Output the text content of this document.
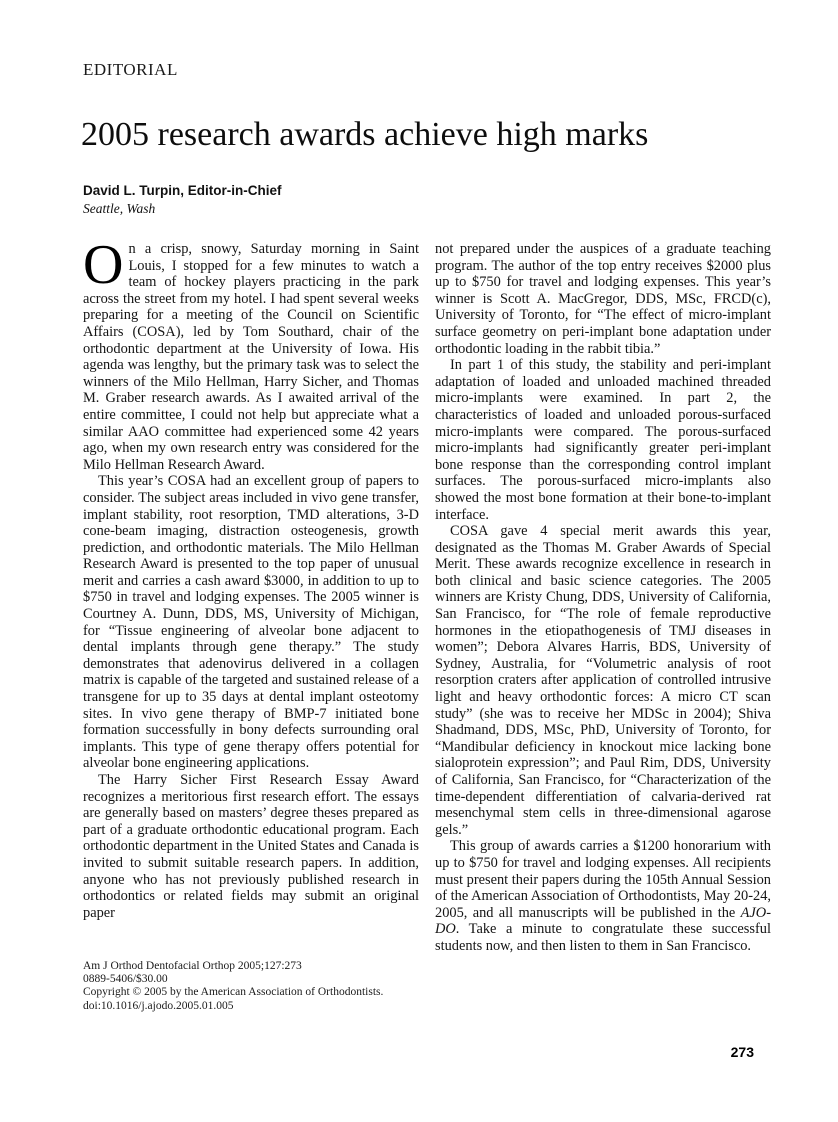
EDITORIAL
2005 research awards achieve high marks
David L. Turpin, Editor-in-Chief
Seattle, Wash

On a crisp, snowy, Saturday morning in Saint Louis, I stopped for a few minutes to watch a team of hockey players practicing in the park across the street from my hotel. I had spent several weeks preparing for a meeting of the Council on Scientific Affairs (COSA), led by Tom Southard, chair of the orthodontic department at the University of Iowa. His agenda was lengthy, but the primary task was to select the winners of the Milo Hellman, Harry Sicher, and Thomas M. Graber research awards. As I awaited arrival of the entire committee, I could not help but appreciate what a similar AAO committee had experienced some 42 years ago, when my own research entry was considered for the Milo Hellman Research Award.

This year’s COSA had an excellent group of papers to consider. The subject areas included in vivo gene transfer, implant stability, root resorption, TMD alterations, 3-D cone-beam imaging, distraction osteogenesis, growth prediction, and orthodontic materials. The Milo Hellman Research Award is presented to the top paper of unusual merit and carries a cash award $3000, in addition to up to $750 in travel and lodging expenses. The 2005 winner is Courtney A. Dunn, DDS, MS, University of Michigan, for “Tissue engineering of alveolar bone adjacent to dental implants through gene therapy.” The study demonstrates that adenovirus delivered in a collagen matrix is capable of the targeted and sustained release of a transgene for up to 35 days at dental implant osteotomy sites. In vivo gene therapy of BMP-7 initiated bone formation successfully in bony defects surrounding oral implants. This type of gene therapy offers potential for alveolar bone engineering applications.

The Harry Sicher First Research Essay Award recognizes a meritorious first research effort. The essays are generally based on masters’ degree theses prepared as part of a graduate orthodontic educational program. Each orthodontic department in the United States and Canada is invited to submit suitable research papers. In addition, anyone who has not previously published research in orthodontics or related fields may submit an original paper

not prepared under the auspices of a graduate teaching program. The author of the top entry receives $2000 plus up to $750 for travel and lodging expenses. This year’s winner is Scott A. MacGregor, DDS, MSc, FRCD(c), University of Toronto, for “The effect of micro-implant surface geometry on peri-implant bone adaptation under orthodontic loading in the rabbit tibia.”

In part 1 of this study, the stability and peri-implant adaptation of loaded and unloaded machined threaded micro-implants were examined. In part 2, the characteristics of loaded and unloaded porous-surfaced micro-implants were compared. The porous-surfaced micro-implants had significantly greater peri-implant bone response than the corresponding control implant surfaces. The porous-surfaced micro-implants also showed the most bone formation at their bone-to-implant interface.

COSA gave 4 special merit awards this year, designated as the Thomas M. Graber Awards of Special Merit. These awards recognize excellence in research in both clinical and basic science categories. The 2005 winners are Kristy Chung, DDS, University of California, San Francisco, for “The role of female reproductive hormones in the etiopathogenesis of TMJ diseases in women”; Debora Alvares Harris, BDS, University of Sydney, Australia, for “Volumetric analysis of root resorption craters after application of controlled intrusive light and heavy orthodontic forces: A micro CT scan study” (she was to receive her MDSc in 2004); Shiva Shadmand, DDS, MSc, PhD, University of Toronto, for “Mandibular deficiency in knockout mice lacking bone sialoprotein expression”; and Paul Rim, DDS, University of California, San Francisco, for “Characterization of the time-dependent differentiation of calvaria-derived rat mesenchymal stem cells in three-dimensional agarose gels.”

This group of awards carries a $1200 honorarium with up to $750 for travel and lodging expenses. All recipients must present their papers during the 105th Annual Session of the American Association of Orthodontists, May 20-24, 2005, and all manuscripts will be published in the AJO-DO. Take a minute to congratulate these successful students now, and then listen to them in San Francisco.

Am J Orthod Dentofacial Orthop 2005;127:273
0889-5406/$30.00
Copyright © 2005 by the American Association of Orthodontists.
doi:10.1016/j.ajodo.2005.01.005
273
